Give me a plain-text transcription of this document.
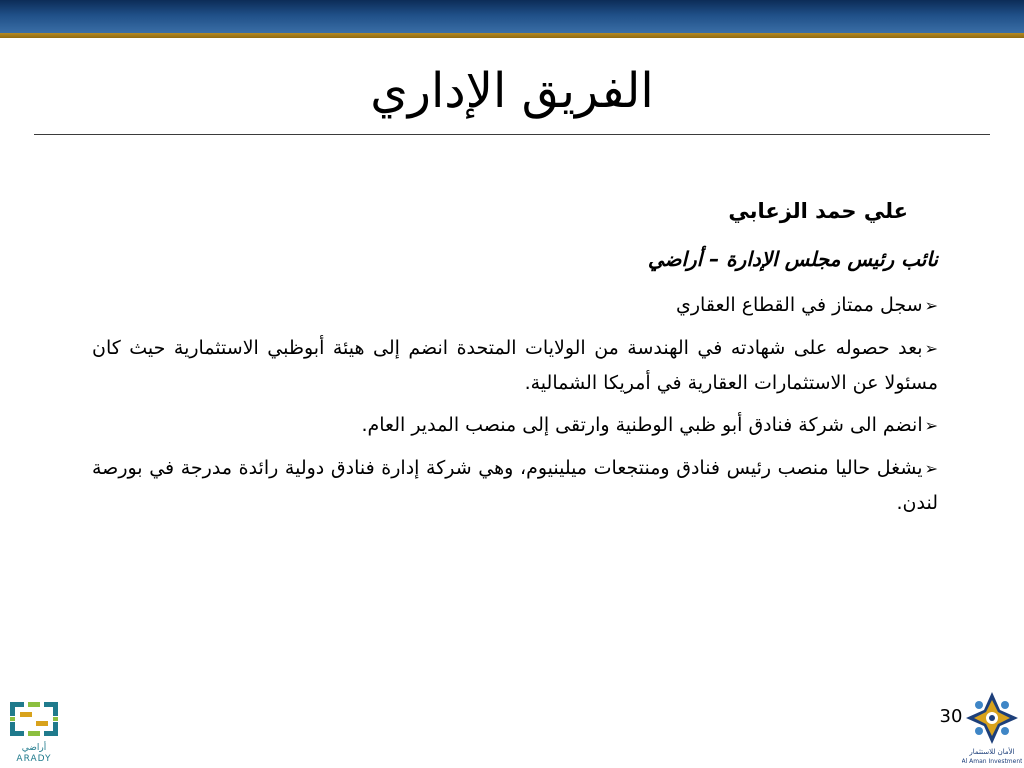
الفريق الإداري
علي حمد الزعابي
نائب رئيس مجلس الإدارة – أراضي
➢سجل ممتاز في القطاع العقاري
➢بعد حصوله على شهادته في الهندسة من الولايات المتحدة انضم إلى هيئة أبوظبي الاستثمارية حيث كان مسئولا عن الاستثمارات العقارية في أمريكا الشمالية.
➢انضم الى شركة فنادق أبو ظبي الوطنية وارتقى إلى منصب المدير العام.
➢يشغل حاليا منصب رئيس فنادق ومنتجعات ميلينيوم، وهي شركة إدارة فنادق دولية رائدة مدرجة في بورصة لندن.
30
أراضي
ARADY
الأمان للاستثمار
Al Aman Investment
